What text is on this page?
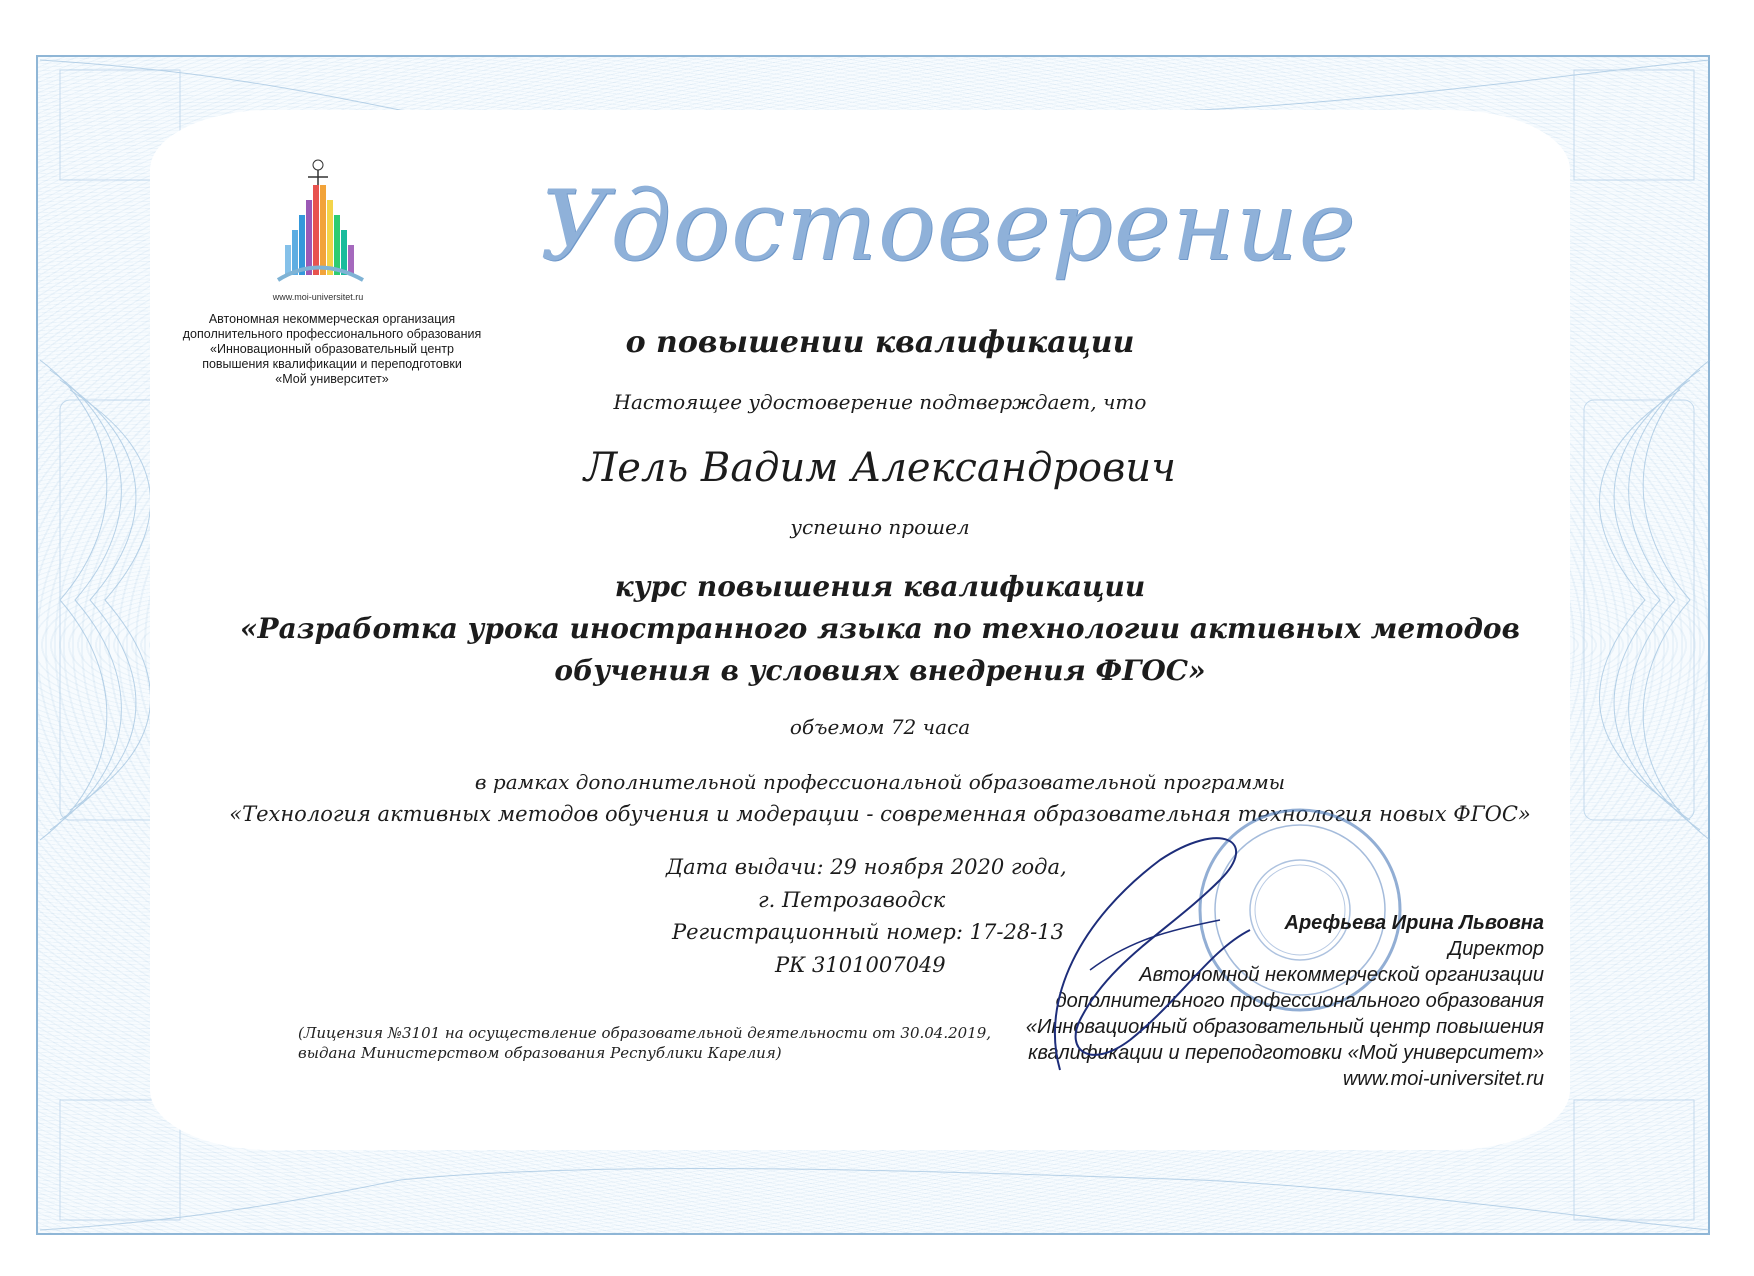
www.moi-universitet.ru
Автономная некоммерческая организация
дополнительного профессионального образования
«Инновационный образовательный центр
повышения квалификации и переподготовки
«Мой университет»
Удостоверение
о повышении квалификации
Настоящее удостоверение подтверждает, что
Лель Вадим Александрович
успешно прошел
курс повышения квалификации
«Разработка урока иностранного языка по технологии активных методов
обучения в условиях внедрения ФГОС»
объемом 72 часа
в рамках дополнительной профессиональной образовательной программы
«Технология активных методов обучения и модерации - современная образовательная технология новых ФГОС»
Дата выдачи: 29 ноября 2020 года,
г. Петрозаводск
Регистрационный номер: 17-28-13
РК 3101007049
(Лицензия №3101 на осуществление образовательной деятельности от 30.04.2019,
выдана Министерством образования Республики Карелия)
Арефьева Ирина Львовна
Директор
Автономной некоммерческой организации
дополнительного профессионального образования
«Инновационный образовательный центр повышения
квалификации и переподготовки «Мой университет»
www.moi-universitet.ru
